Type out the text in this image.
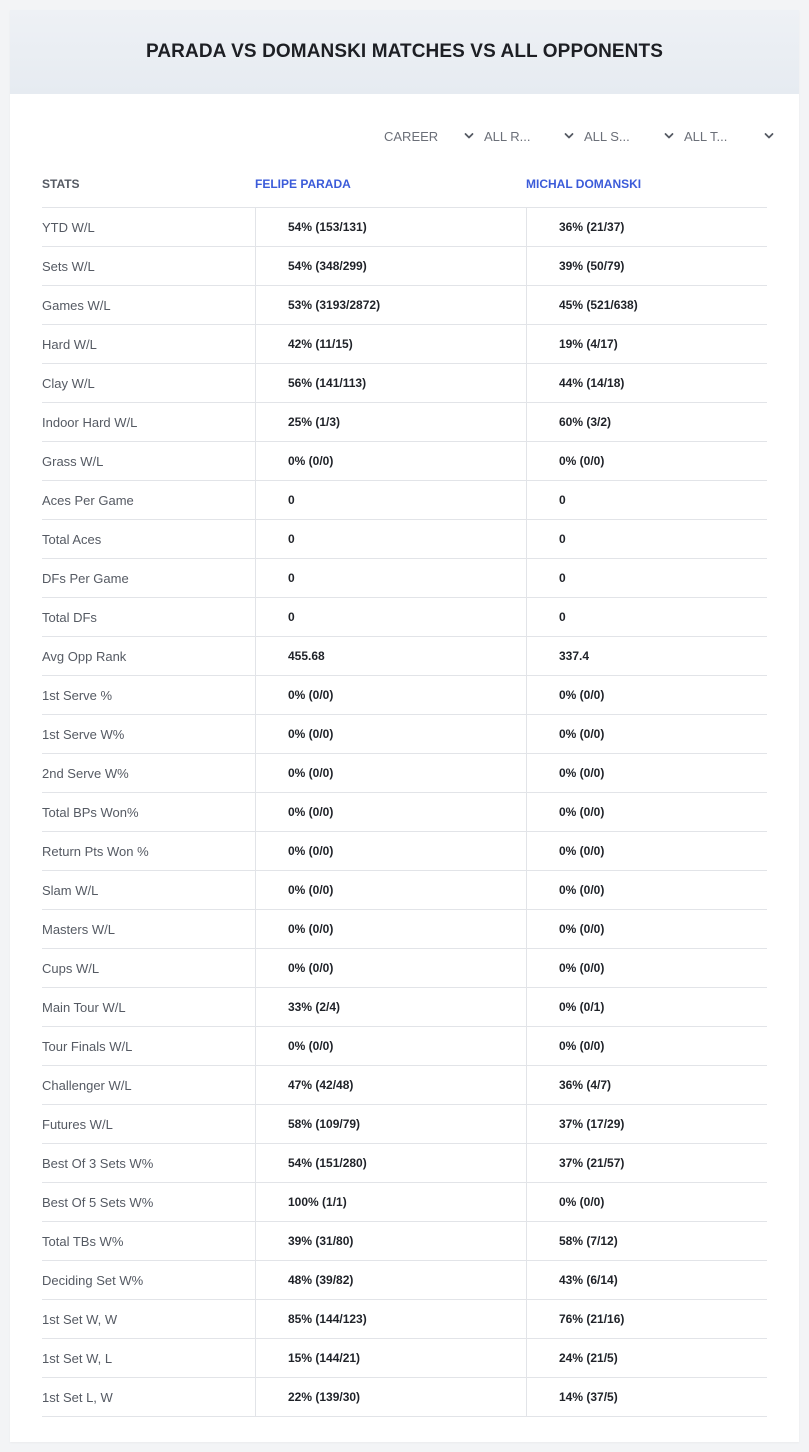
PARADA VS DOMANSKI MATCHES VS ALL OPPONENTS
CAREER	ALL R...	ALL S...	ALL T...
STATS	FELIPE PARADA	MICHAL DOMANSKI
YTD W/L	54% (153/131)	36% (21/37)
Sets W/L	54% (348/299)	39% (50/79)
Games W/L	53% (3193/2872)	45% (521/638)
Hard W/L	42% (11/15)	19% (4/17)
Clay W/L	56% (141/113)	44% (14/18)
Indoor Hard W/L	25% (1/3)	60% (3/2)
Grass W/L	0% (0/0)	0% (0/0)
Aces Per Game	0	0
Total Aces	0	0
DFs Per Game	0	0
Total DFs	0	0
Avg Opp Rank	455.68	337.4
1st Serve %	0% (0/0)	0% (0/0)
1st Serve W%	0% (0/0)	0% (0/0)
2nd Serve W%	0% (0/0)	0% (0/0)
Total BPs Won%	0% (0/0)	0% (0/0)
Return Pts Won %	0% (0/0)	0% (0/0)
Slam W/L	0% (0/0)	0% (0/0)
Masters W/L	0% (0/0)	0% (0/0)
Cups W/L	0% (0/0)	0% (0/0)
Main Tour W/L	33% (2/4)	0% (0/1)
Tour Finals W/L	0% (0/0)	0% (0/0)
Challenger W/L	47% (42/48)	36% (4/7)
Futures W/L	58% (109/79)	37% (17/29)
Best Of 3 Sets W%	54% (151/280)	37% (21/57)
Best Of 5 Sets W%	100% (1/1)	0% (0/0)
Total TBs W%	39% (31/80)	58% (7/12)
Deciding Set W%	48% (39/82)	43% (6/14)
1st Set W, W	85% (144/123)	76% (21/16)
1st Set W, L	15% (144/21)	24% (21/5)
1st Set L, W	22% (139/30)	14% (37/5)
